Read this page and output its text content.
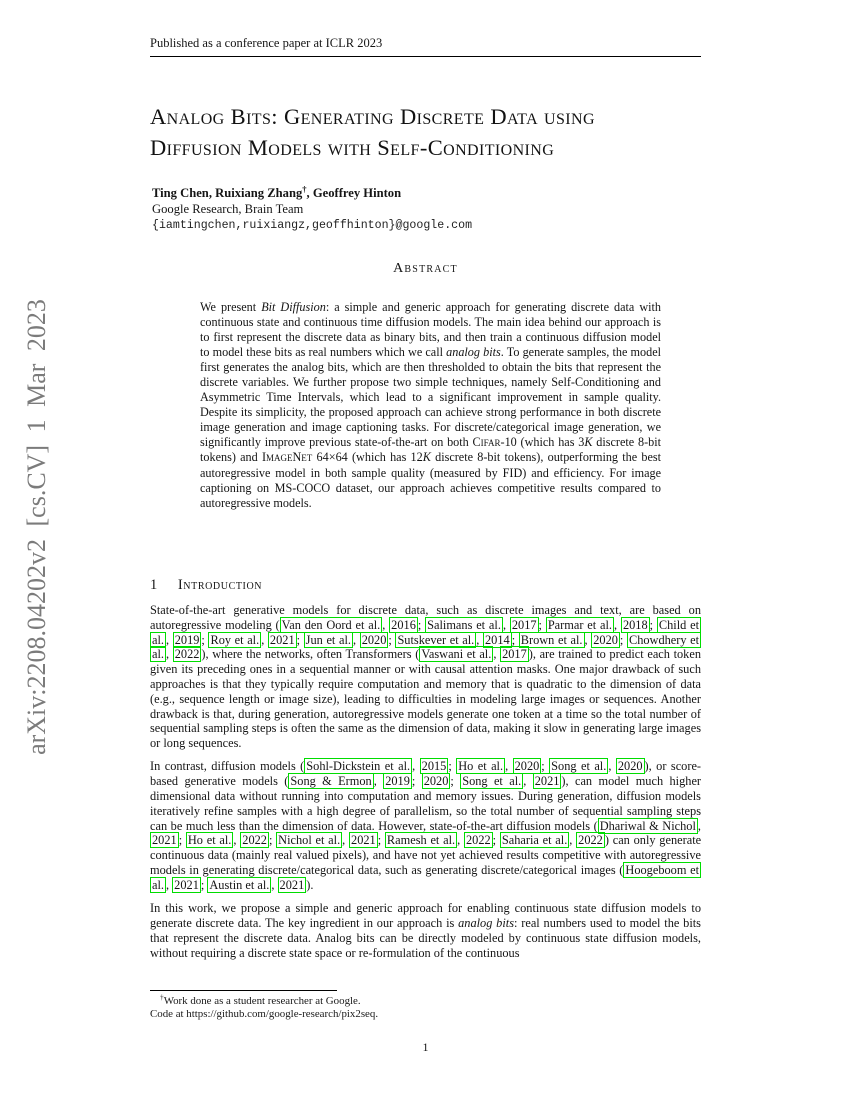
arXiv:2208.04202v2 [cs.CV] 1 Mar 2023
Published as a conference paper at ICLR 2023
Analog Bits: Generating Discrete Data using
Diffusion Models with Self-Conditioning
Ting Chen, Ruixiang Zhang†, Geoffrey Hinton
Google Research, Brain Team
{iamtingchen,ruixiangz,geoffhinton}@google.com
Abstract
We present Bit Diffusion: a simple and generic approach for generating discrete data with continuous state and continuous time diffusion models. The main idea behind our approach is to first represent the discrete data as binary bits, and then train a continuous diffusion model to model these bits as real numbers which we call analog bits. To generate samples, the model first generates the analog bits, which are then thresholded to obtain the bits that represent the discrete variables. We further propose two simple techniques, namely Self-Conditioning and Asymmetric Time Intervals, which lead to a significant improvement in sample quality. Despite its simplicity, the proposed approach can achieve strong performance in both discrete image generation and image captioning tasks. For discrete/categorical image generation, we significantly improve previous state-of-the-art on both Cifar-10 (which has 3K discrete 8-bit tokens) and ImageNet 64×64 (which has 12K discrete 8-bit tokens), outperforming the best autoregressive model in both sample quality (measured by FID) and efficiency. For image captioning on MS-COCO dataset, our approach achieves competitive results compared to autoregressive models.
1 Introduction

State-of-the-art generative models for discrete data, such as discrete images and text, are based on autoregressive modeling ( Van den Oord et al. , 2016 ; Salimans et al. , 2017 ; Parmar et al. , 2018 ; Child et al. , 2019 ; Roy et al. , 2021 ; Jun et al. , 2020 ; Sutskever et al. , 2014 ; Brown et al. , 2020 ; Chowdhery et al. , 2022 ), where the networks, often Transformers ( Vaswani et al. , 2017 ), are trained to predict each token given its preceding ones in a sequential manner or with causal attention masks. One major drawback of such approaches is that they typically require computation and memory that is quadratic to the dimension of data (e.g., sequence length or image size), leading to difficulties in modeling large images or sequences. Another drawback is that, during generation, autoregressive models generate one token at a time so the total number of sequential sampling steps is often the same as the dimension of data, making it slow in generating large images or long sequences.

In contrast, diffusion models ( Sohl-Dickstein et al. , 2015 ; Ho et al. , 2020 ; Song et al. , 2020 ), or score-based generative models ( Song & Ermon , 2019 ; 2020 ; Song et al. , 2021 ), can model much higher dimensional data without running into computation and memory issues. During generation, diffusion models iteratively refine samples with a high degree of parallelism, so the total number of sequential sampling steps can be much less than the dimension of data. However, state-of-the-art diffusion models ( Dhariwal & Nichol , 2021 ; Ho et al. , 2022 ; Nichol et al. , 2021 ; Ramesh et al. , 2022 ; Saharia et al. , 2022 ) can only generate continuous data (mainly real valued pixels), and have not yet achieved results competitive with autoregressive models in generating discrete/categorical data, such as generating discrete/categorical images ( Hoogeboom et al. , 2021 ; Austin et al. , 2021 ).

In this work, we propose a simple and generic approach for enabling continuous state diffusion models to generate discrete data. The key ingredient in our approach is analog bits: real numbers used to model the bits that represent the discrete data. Analog bits can be directly modeled by continuous state diffusion models, without requiring a discrete state space or re-formulation of the continuous

†Work done as a student researcher at Google.
Code at https://github.com/google-research/pix2seq.
1
